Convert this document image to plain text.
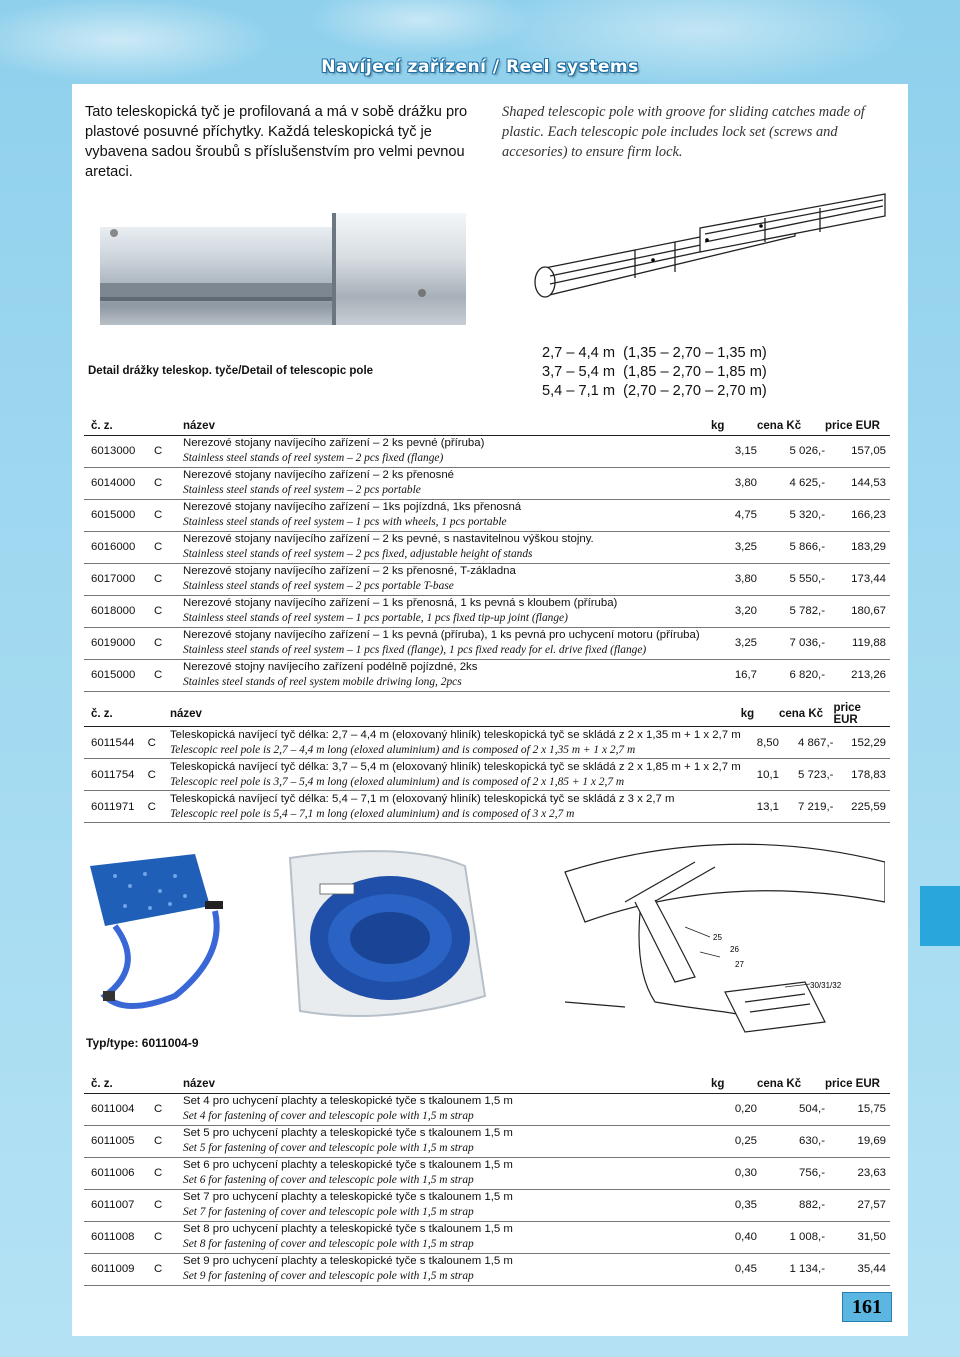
Navíjecí zařízení / Reel systems
Tato teleskopická tyč je profilovaná a má v sobě drážku pro plastové posuvné příchytky. Každá teleskopická tyč je vybavena sadou šroubů s příslušenstvím pro velmi pevnou aretaci.
Shaped telescopic pole with groove for sliding catches made of plastic. Each telescopic pole includes lock set (screws and accesories) to ensure firm lock.
Detail drážky teleskop. tyče/Detail of telescopic pole
2,7 – 4,4 m  (1,35 – 2,70 – 1,35 m)
3,7 – 5,4 m  (1,85 – 2,70 – 1,85 m)
5,4 – 7,1 m  (2,70 – 2,70 – 2,70 m)
č. z.		název	kg	cena Kč	price EUR
6013000	C	Nerezové stojany navíjecího zařízení – 2 ks pevné (příruba)
Stainless steel stands of reel system – 2 pcs fixed (flange)	3,15	5 026,-	157,05
6014000	C	Nerezové stojany navíjecího zařízení – 2 ks přenosné
Stainless steel stands of reel system – 2 pcs portable	3,80	4 625,-	144,53
6015000	C	Nerezové stojany navíjecího zařízení – 1ks pojízdná, 1ks přenosná
Stainless steel stands of reel system – 1 pcs with wheels, 1 pcs portable	4,75	5 320,-	166,23
6016000	C	Nerezové stojany navíjecího zařízení – 2 ks pevné, s nastavitelnou výškou stojny.
Stainless steel stands of reel system – 2 pcs fixed, adjustable height of stands	3,25	5 866,-	183,29
6017000	C	Nerezové stojany navíjecího zařízení – 2 ks přenosné, T-základna
Stainless steel stands of reel system – 2 pcs portable T-base	3,80	5 550,-	173,44
6018000	C	Nerezové stojany navíjecího zařízení – 1 ks přenosná, 1 ks pevná s kloubem (příruba)
Stainless steel stands of reel system – 1 pcs portable, 1 pcs fixed tip-up joint (flange)	3,20	5 782,-	180,67
6019000	C	Nerezové stojany navíjecího zařízení – 1 ks pevná (příruba), 1 ks pevná pro uchycení motoru (příruba)
Stainless steel stands of reel system – 1 pcs fixed (flange), 1 pcs fixed ready for el. drive fixed (flange)	3,25	7 036,-	119,88
6015000	C	Nerezové stojny navíjecího zařízení podélně pojízdné, 2ks
Stainles steel stands of reel system mobile driwing long, 2pcs	16,7	6 820,-	213,26
č. z.		název	kg	cena Kč	price EUR
6011544	C	Teleskopická navíjecí tyč délka: 2,7 – 4,4 m (eloxovaný hliník) teleskopická tyč se skládá z 2 x 1,35 m + 1 x 2,7 m
Telescopic reel pole is 2,7 – 4,4 m long (eloxed aluminium) and is composed of 2 x 1,35 m + 1 x 2,7 m	8,50	4 867,-	152,29
6011754	C	Teleskopická navíjecí tyč délka: 3,7 – 5,4 m (eloxovaný hliník) teleskopická tyč se skládá z 2 x 1,85 m + 1 x 2,7 m
Telescopic reel pole is 3,7 – 5,4 m long (eloxed aluminium) and is composed of 2 x 1,85 + 1 x 2,7 m	10,1	5 723,-	178,83
6011971	C	Teleskopická navíjecí tyč délka: 5,4 – 7,1 m (eloxovaný hliník) teleskopická tyč se skládá z 3 x 2,7 m
Telescopic reel pole is 5,4 – 7,1 m long (eloxed aluminium) and is composed of 3 x 2,7 m	13,1	7 219,-	225,59
25
26
27
30/31/32
Typ/type: 6011004-9
č. z.		název	kg	cena Kč	price EUR
6011004	C	Set 4 pro uchycení plachty a teleskopické tyče s tkalounem 1,5 m
Set 4 for fastening of cover and telescopic pole with 1,5 m strap	0,20	504,-	15,75
6011005	C	Set 5 pro uchycení plachty a teleskopické tyče s tkalounem 1,5 m
Set 5 for fastening of cover and telescopic pole with 1,5 m strap	0,25	630,-	19,69
6011006	C	Set 6 pro uchycení plachty a teleskopické tyče s tkalounem 1,5 m
Set 6 for fastening of cover and telescopic pole with 1,5 m strap	0,30	756,-	23,63
6011007	C	Set 7 pro uchycení plachty a teleskopické tyče s tkalounem 1,5 m
Set 7 for fastening of cover and telescopic pole with 1,5 m strap	0,35	882,-	27,57
6011008	C	Set 8 pro uchycení plachty a teleskopické tyče s tkalounem 1,5 m
Set 8 for fastening of cover and telescopic pole with 1,5 m strap	0,40	1 008,-	31,50
6011009	C	Set 9 pro uchycení plachty a teleskopické tyče s tkalounem 1,5 m
Set 9 for fastening of cover and telescopic pole with 1,5 m strap	0,45	1 134,-	35,44
161
